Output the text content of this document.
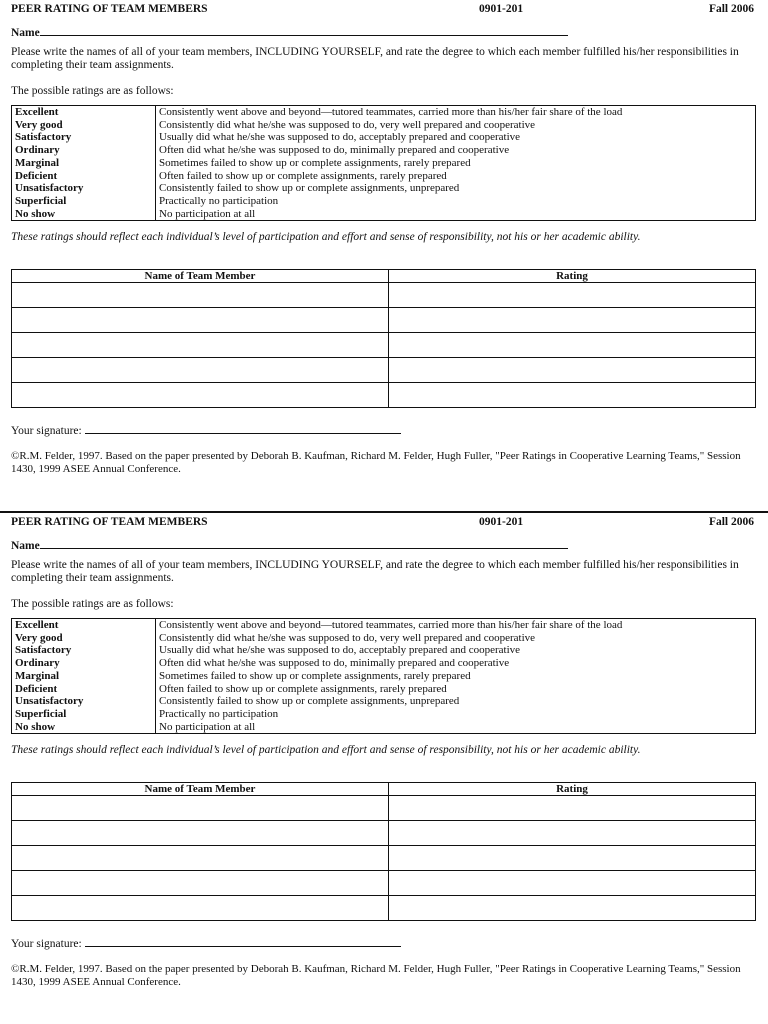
PEER RATING OF TEAM MEMBERS	0901-201	Fall 2006
Name

Please write the names of all of your team members, INCLUDING YOURSELF, and rate the degree to which each member fulfilled his/her responsibilities in completing their team assignments.

The possible ratings are as follows:

Excellent	Consistently went above and beyond—tutored teammates, carried more than his/her fair share of the load
Very good	Consistently did what he/she was supposed to do, very well prepared and cooperative
Satisfactory	Usually did what he/she was supposed to do, acceptably prepared and cooperative
Ordinary	Often did what he/she was supposed to do, minimally prepared and cooperative
Marginal	Sometimes failed to show up or complete assignments, rarely prepared
Deficient	Often failed to show up or complete assignments, rarely prepared
Unsatisfactory	Consistently failed to show up or complete assignments, unprepared
Superficial	Practically no participation
No show	No participation at all

These ratings should reflect each individual’s level of participation and effort and sense of responsibility, not his or her academic ability.

Name of Team Member	Rating

Your signature:

©R.M. Felder, 1997. Based on the paper presented by Deborah B. Kaufman, Richard M. Felder, Hugh Fuller, "Peer Ratings in Cooperative Learning Teams," Session 1430, 1999 ASEE Annual Conference.

PEER RATING OF TEAM MEMBERS	0901-201	Fall 2006
Name

Please write the names of all of your team members, INCLUDING YOURSELF, and rate the degree to which each member fulfilled his/her responsibilities in completing their team assignments.

The possible ratings are as follows:

Excellent	Consistently went above and beyond—tutored teammates, carried more than his/her fair share of the load
Very good	Consistently did what he/she was supposed to do, very well prepared and cooperative
Satisfactory	Usually did what he/she was supposed to do, acceptably prepared and cooperative
Ordinary	Often did what he/she was supposed to do, minimally prepared and cooperative
Marginal	Sometimes failed to show up or complete assignments, rarely prepared
Deficient	Often failed to show up or complete assignments, rarely prepared
Unsatisfactory	Consistently failed to show up or complete assignments, unprepared
Superficial	Practically no participation
No show	No participation at all

These ratings should reflect each individual’s level of participation and effort and sense of responsibility, not his or her academic ability.

Name of Team Member	Rating

Your signature:

©R.M. Felder, 1997. Based on the paper presented by Deborah B. Kaufman, Richard M. Felder, Hugh Fuller, "Peer Ratings in Cooperative Learning Teams," Session 1430, 1999 ASEE Annual Conference.
